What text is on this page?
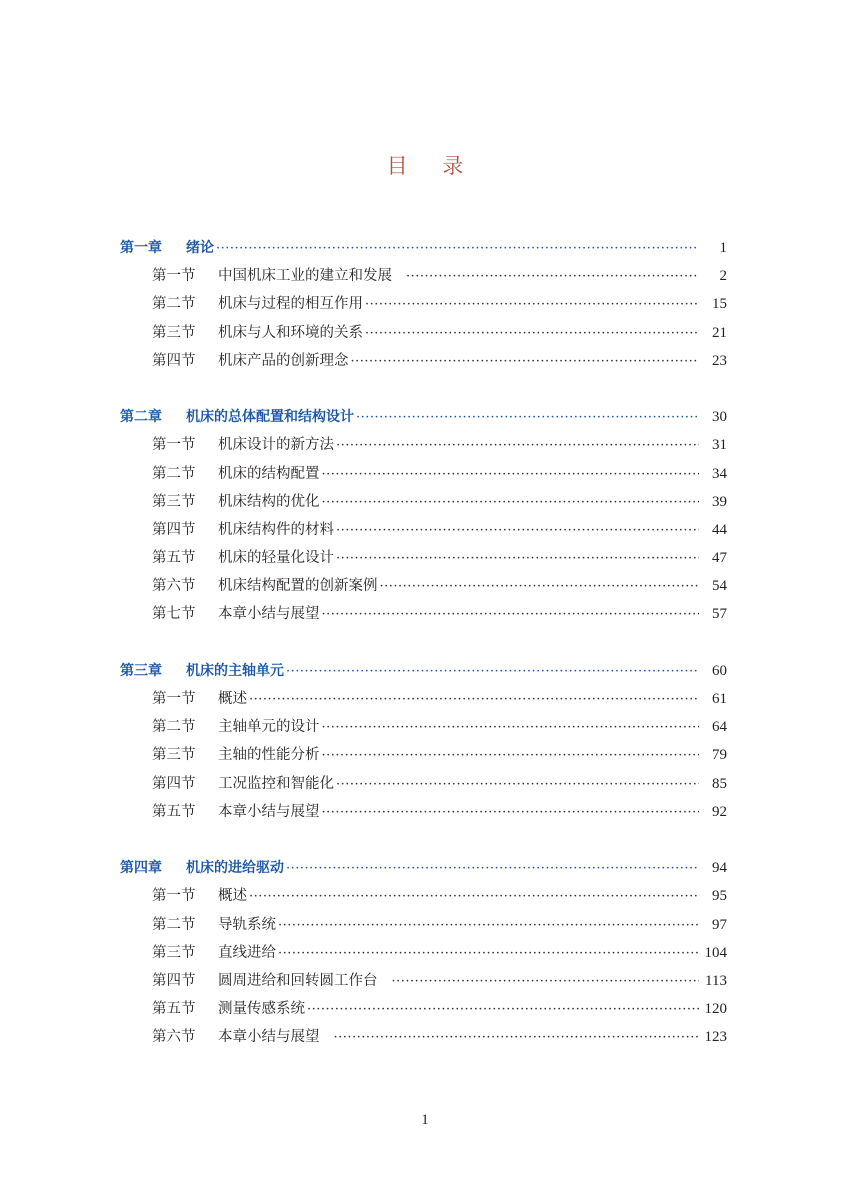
目 录
第一章	绪论 ·····	1
第一节	中国机床工业的建立和发展 ·····	2
第二节	机床与过程的相互作用 ·····	15
第三节	机床与人和环境的关系 ·····	21
第四节	机床产品的创新理念 ·····	23
第二章	机床的总体配置和结构设计 ·····	30
第一节	机床设计的新方法 ·····	31
第二节	机床的结构配置 ·····	34
第三节	机床结构的优化 ·····	39
第四节	机床结构件的材料 ·····	44
第五节	机床的轻量化设计 ·····	47
第六节	机床结构配置的创新案例 ·····	54
第七节	本章小结与展望 ·····	57
第三章	机床的主轴单元 ·····	60
第一节	概述 ·····	61
第二节	主轴单元的设计 ·····	64
第三节	主轴的性能分析 ·····	79
第四节	工况监控和智能化 ·····	85
第五节	本章小结与展望 ·····	92
第四章	机床的进给驱动 ·····	94
第一节	概述 ·····	95
第二节	导轨系统 ·····	97
第三节	直线进给 ·····	104
第四节	圆周进给和回转圆工作台 ·····	113
第五节	测量传感系统 ·····	120
第六节	本章小结与展望 ·····	123
1
